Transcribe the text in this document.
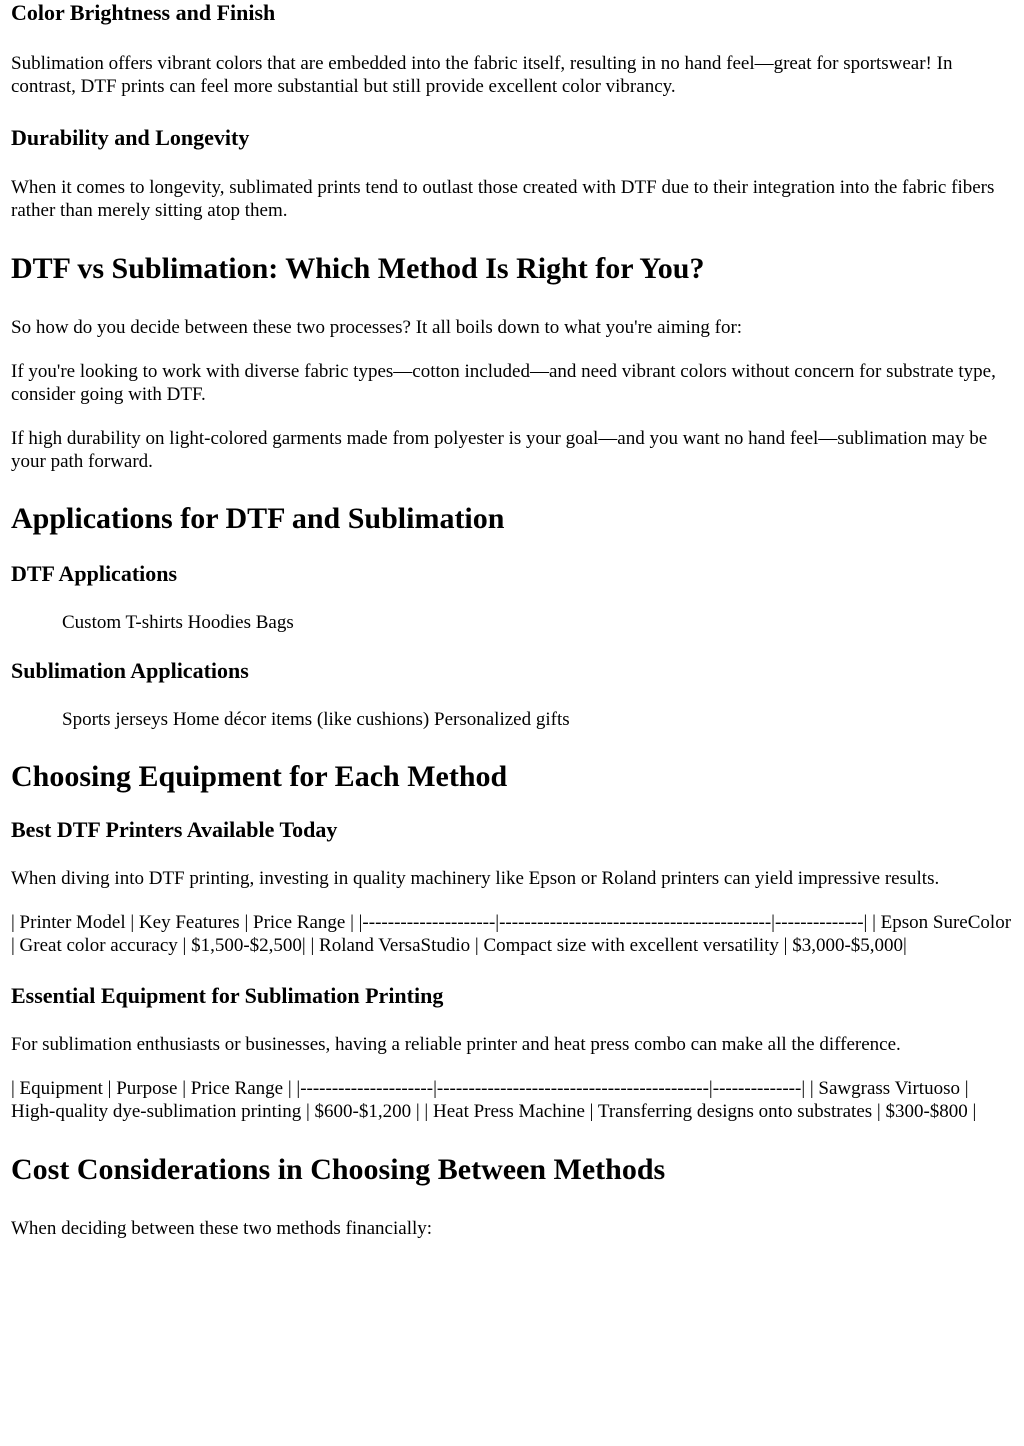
Color Brightness and Finish

Sublimation offers vibrant colors that are embedded into the fabric itself, resulting in no hand feel—great for sportswear! In contrast, DTF prints can feel more substantial but still provide excellent color vibrancy.

Durability and Longevity

When it comes to longevity, sublimated prints tend to outlast those created with DTF due to their integration into the fabric fibers rather than merely sitting atop them.

DTF vs Sublimation: Which Method Is Right for You?

So how do you decide between these two processes? It all boils down to what you're aiming for:

If you're looking to work with diverse fabric types—cotton included—and need vibrant colors without concern for substrate type, consider going with DTF.

If high durability on light-colored garments made from polyester is your goal—and you want no hand feel—sublimation may be your path forward.

Applications for DTF and Sublimation
DTF Applications

Custom T-shirts Hoodies Bags

Sublimation Applications

Sports jerseys Home décor items (like cushions) Personalized gifts

Choosing Equipment for Each Method
Best DTF Printers Available Today

When diving into DTF printing, investing in quality machinery like Epson or Roland printers can yield impressive results.

| Printer Model | Key Features | Price Range | |---------------------|-------------------------------------------|--------------| | Epson SureColor | Great color accuracy | $1,500-$2,500| | Roland VersaStudio | Compact size with excellent versatility | $3,000-$5,000|

Essential Equipment for Sublimation Printing

For sublimation enthusiasts or businesses, having a reliable printer and heat press combo can make all the difference.

| Equipment | Purpose | Price Range | |---------------------|-------------------------------------------|--------------| | Sawgrass Virtuoso | High-quality dye-sublimation printing | $600-$1,200 | | Heat Press Machine | Transferring designs onto substrates | $300-$800 |

Cost Considerations in Choosing Between Methods

When deciding between these two methods financially:
